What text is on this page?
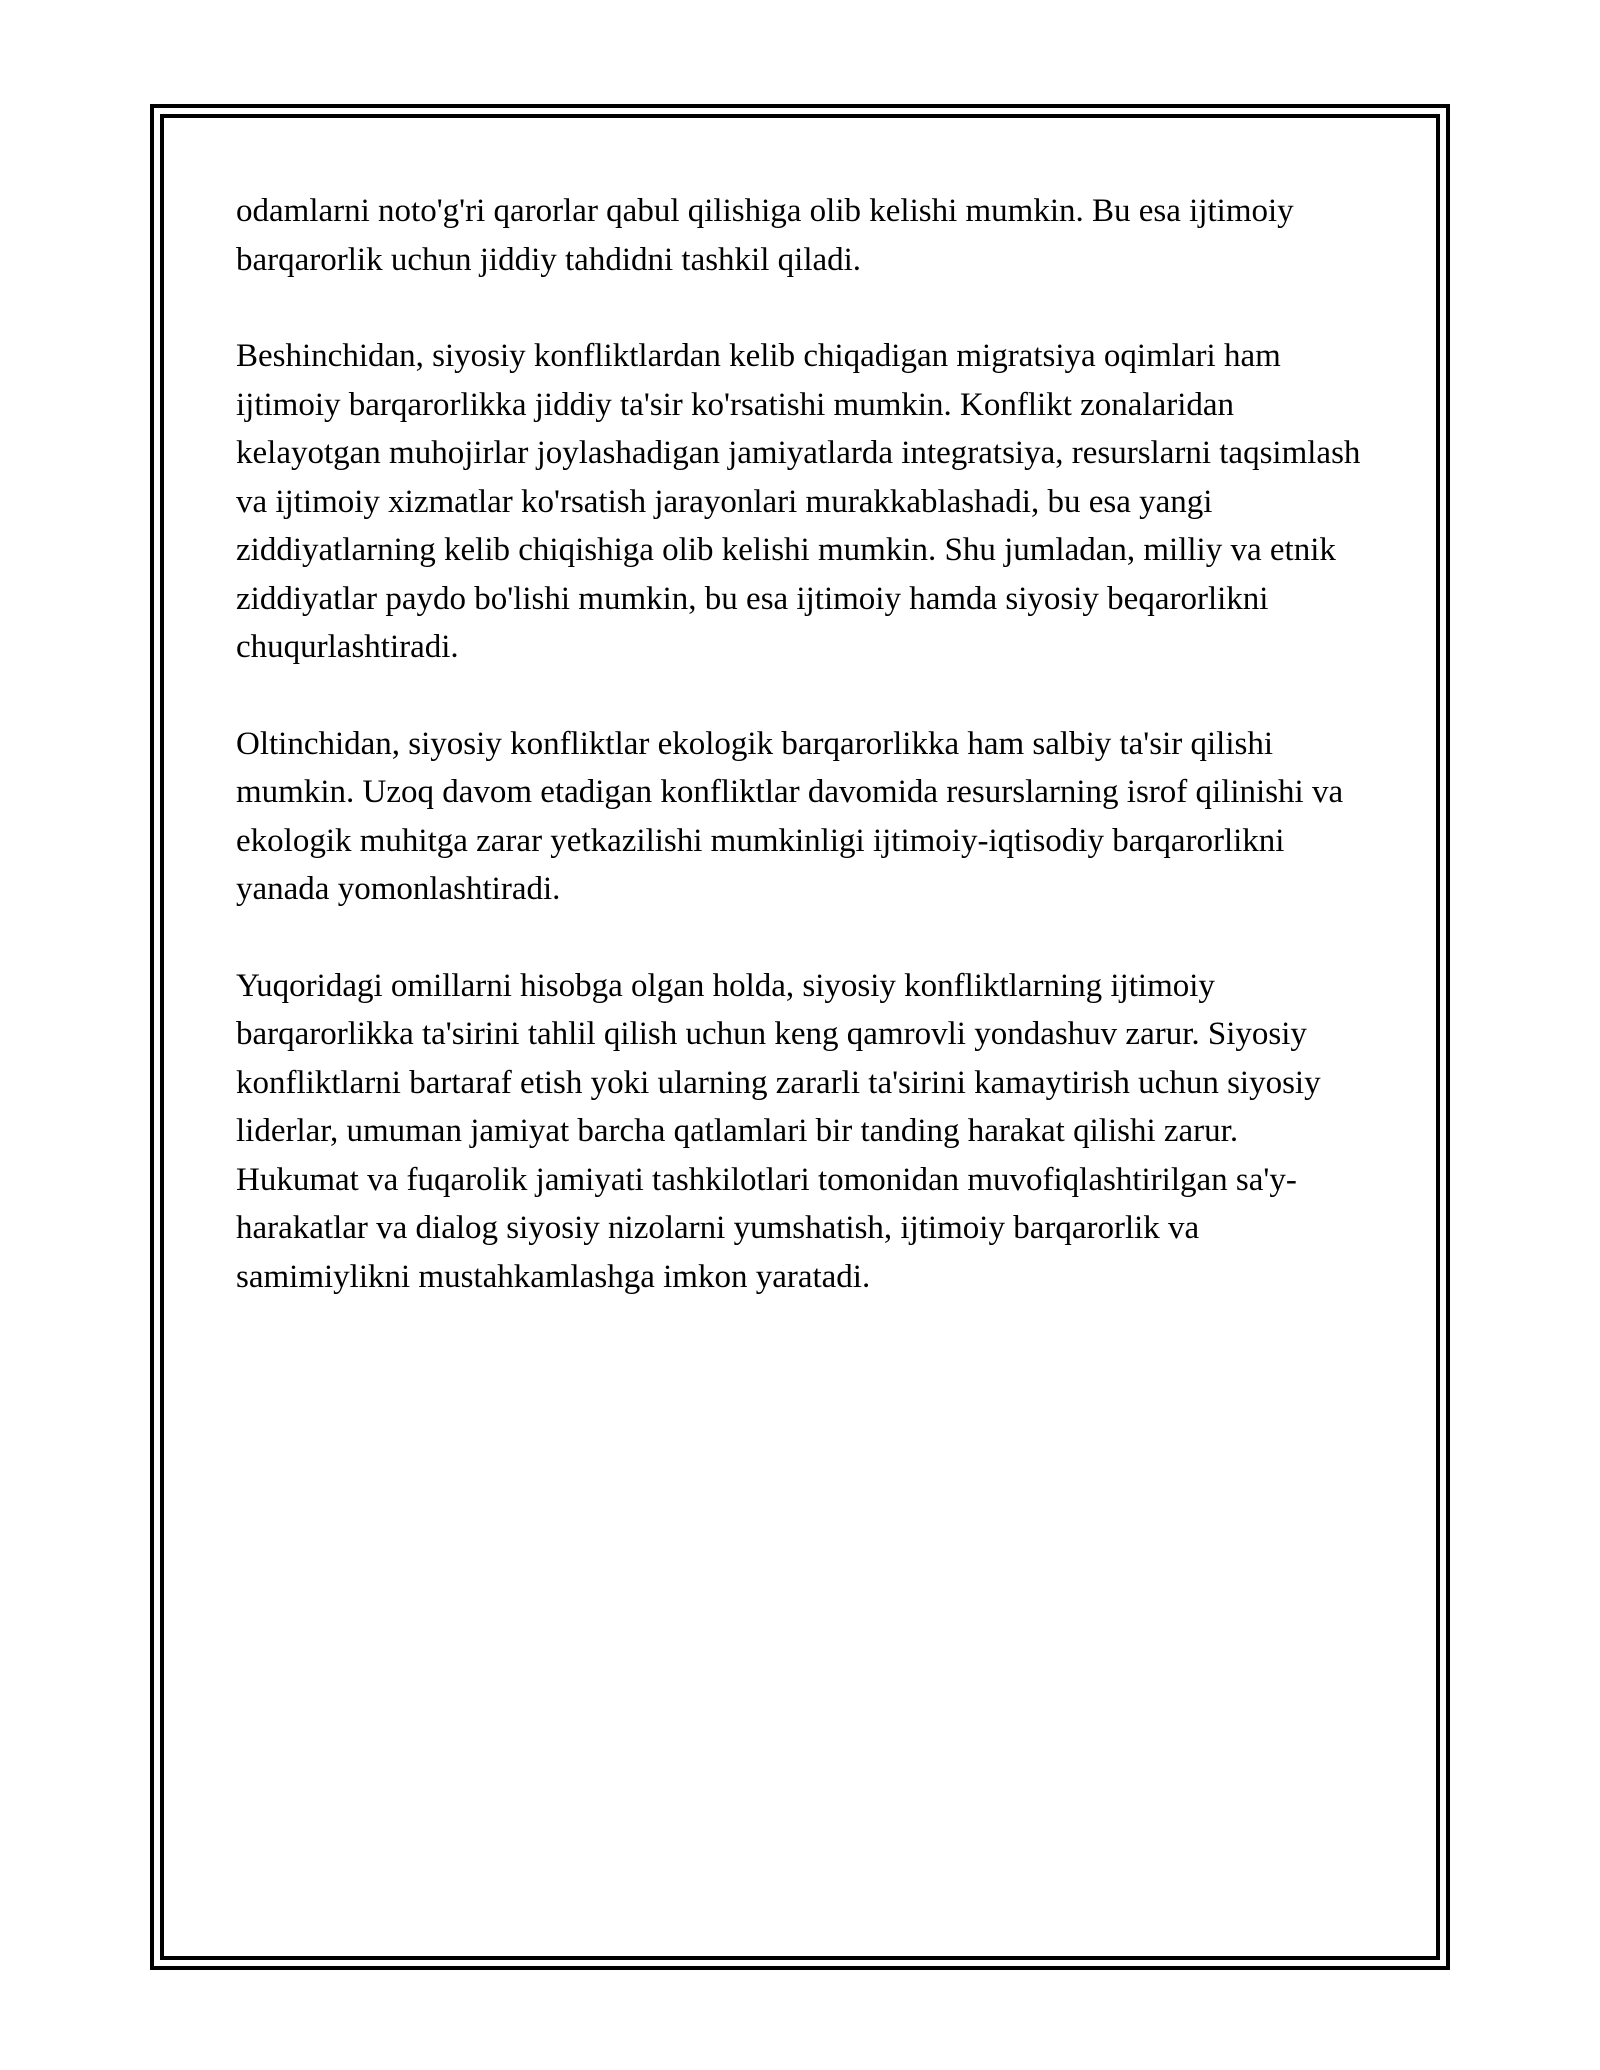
odamlarni noto'g'ri qarorlar qabul qilishiga olib kelishi mumkin. Bu esa ijtimoiy barqarorlik uchun jiddiy tahdidni tashkil qiladi.

Beshinchidan, siyosiy konfliktlardan kelib chiqadigan migratsiya oqimlari ham ijtimoiy barqarorlikka jiddiy ta'sir ko'rsatishi mumkin. Konflikt zonalaridan kelayotgan muhojirlar joylashadigan jamiyatlarda integratsiya, resurslarni taqsimlash va ijtimoiy xizmatlar ko'rsatish jarayonlari murakkablashadi, bu esa yangi ziddiyatlarning kelib chiqishiga olib kelishi mumkin. Shu jumladan, milliy va etnik ziddiyatlar paydo bo'lishi mumkin, bu esa ijtimoiy hamda siyosiy beqarorlikni chuqurlashtiradi.

Oltinchidan, siyosiy konfliktlar ekologik barqarorlikka ham salbiy ta'sir qilishi mumkin. Uzoq davom etadigan konfliktlar davomida resurslarning isrof qilinishi va ekologik muhitga zarar yetkazilishi mumkinligi ijtimoiy-iqtisodiy barqarorlikni yanada yomonlashtiradi.

Yuqoridagi omillarni hisobga olgan holda, siyosiy konfliktlarning ijtimoiy barqarorlikka ta'sirini tahlil qilish uchun keng qamrovli yondashuv zarur. Siyosiy konfliktlarni bartaraf etish yoki ularning zararli ta'sirini kamaytirish uchun siyosiy liderlar, umuman jamiyat barcha qatlamlari bir tanding harakat qilishi zarur. Hukumat va fuqarolik jamiyati tashkilotlari tomonidan muvofiqlashtirilgan sa'y-harakatlar va dialog siyosiy nizolarni yumshatish, ijtimoiy barqarorlik va samimiylikni mustahkamlashga imkon yaratadi.
